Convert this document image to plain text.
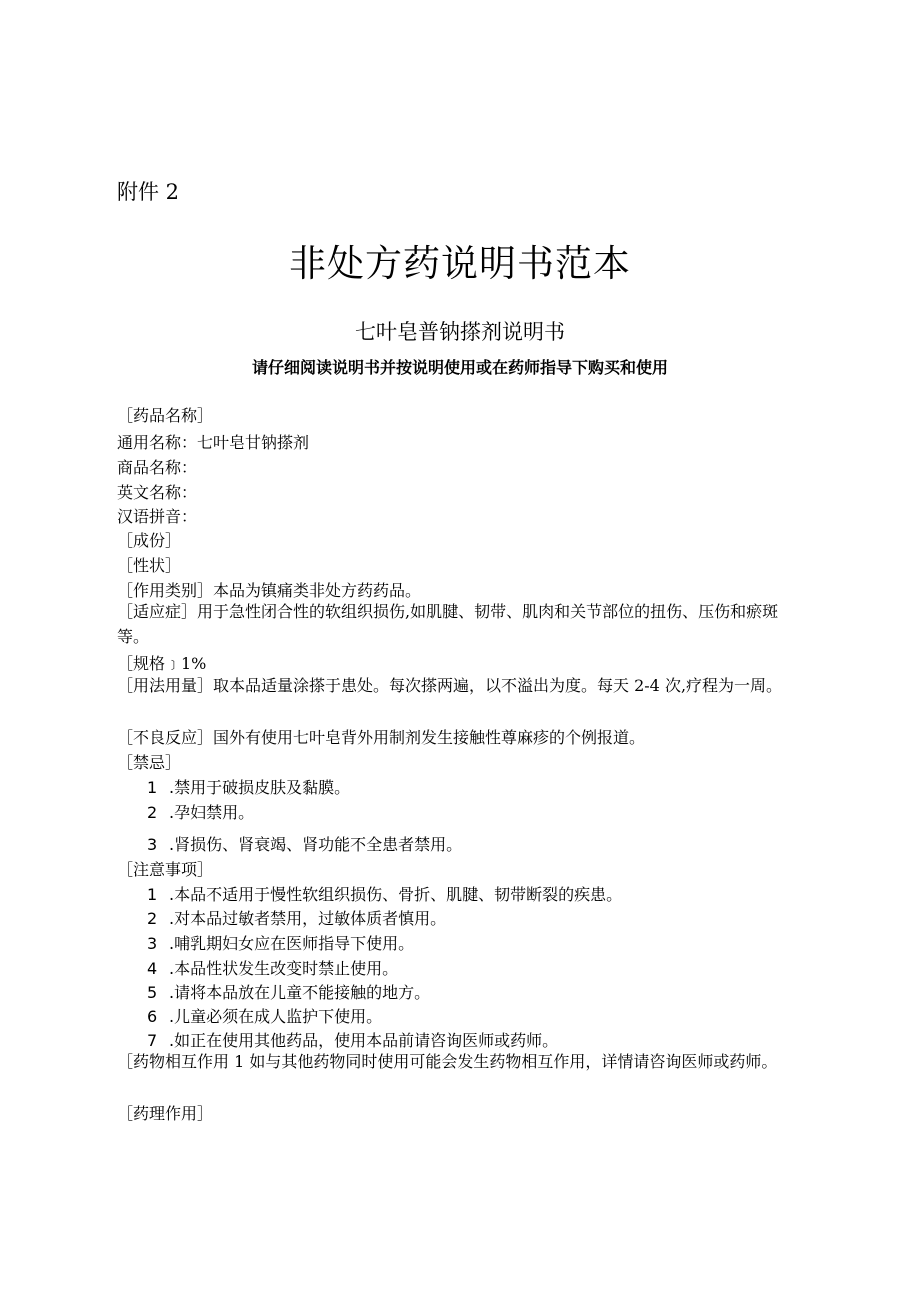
附件 2
非处方药说明书范本
七叶皂普钠搽剂说明书
请仔细阅读说明书并按说明使用或在药师指导下购买和使用
［药品名称］
通用名称：七叶皂甘钠搽剂
商品名称：
英文名称：
汉语拼音：
［成份］
［性状］
［作用类别］本品为镇痛类非处方药药品。
［适应症］用于急性闭合性的软组织损伤,如肌腱、韧带、肌肉和关节部位的扭伤、压伤和瘀斑等。
［规格﹞1%
［用法用量］取本品适量涂搽于患处。每次搽两遍，以不溢出为度。每天 2-4 次,疗程为一周。
［不良反应］国外有使用七叶皂背外用制剂发生接触性尊麻疹的个例报道。
［禁忌］
1 .禁用于破损皮肤及黏膜。
2 .孕妇禁用。
3 .肾损伤、肾衰竭、肾功能不全患者禁用。
［注意事项］
1 .本品不适用于慢性软组织损伤、骨折、肌腱、韧带断裂的疾患。
2 .对本品过敏者禁用，过敏体质者慎用。
3 .哺乳期妇女应在医师指导下使用。
4 .本品性状发生改变时禁止使用。
5 .请将本品放在儿童不能接触的地方。
6 .儿童必须在成人监护下使用。
7 .如正在使用其他药品，使用本品前请咨询医师或药师。
［药物相互作用 1 如与其他药物同时使用可能会发生药物相互作用，详情请咨询医师或药师。
［药理作用］
